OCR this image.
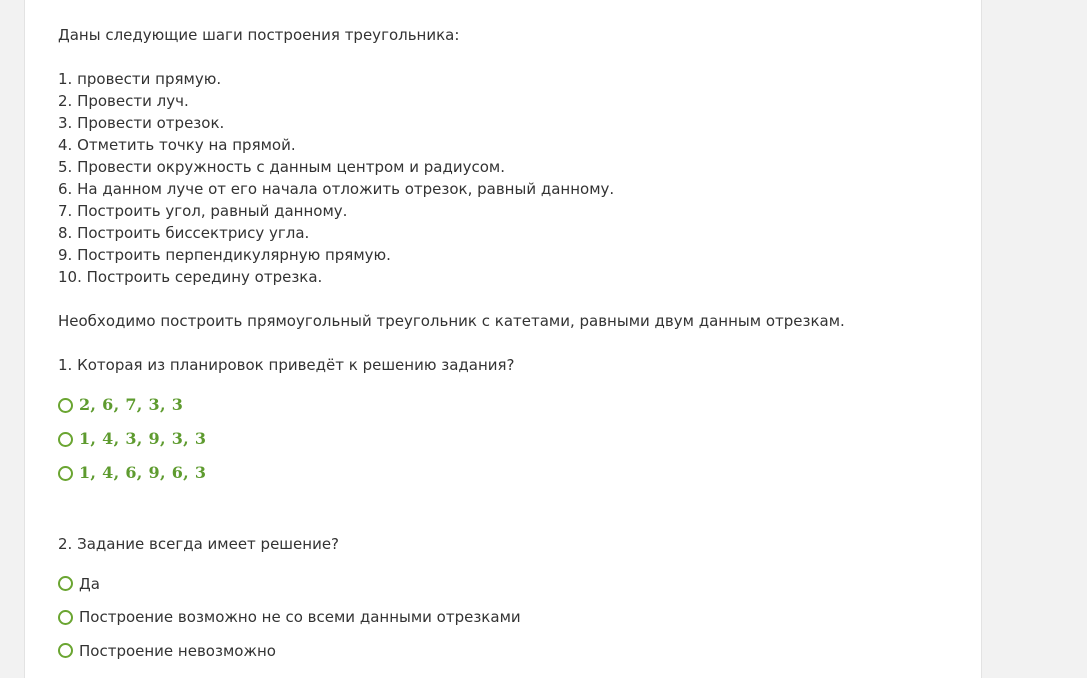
Даны следующие шаги построения треугольника:
1. провести прямую.
2. Провести луч.
3. Провести отрезок.
4. Отметить точку на прямой.
5. Провести окружность с данным центром и радиусом.
6. На данном луче от его начала отложить отрезок, равный данному.
7. Построить угол, равный данному.
8. Построить биссектрису угла.
9. Построить перпендикулярную прямую.
10. Построить середину отрезка.
Необходимо построить прямоугольный треугольник с катетами, равными двум данным отрезкам.
1. Которая из планировок приведёт к решению задания?
2, 6, 7, 3, 3
1, 4, 3, 9, 3, 3
1, 4, 6, 9, 6, 3
2. Задание всегда имеет решение?
Да
Построение возможно не со всеми данными отрезками
Построение невозможно
